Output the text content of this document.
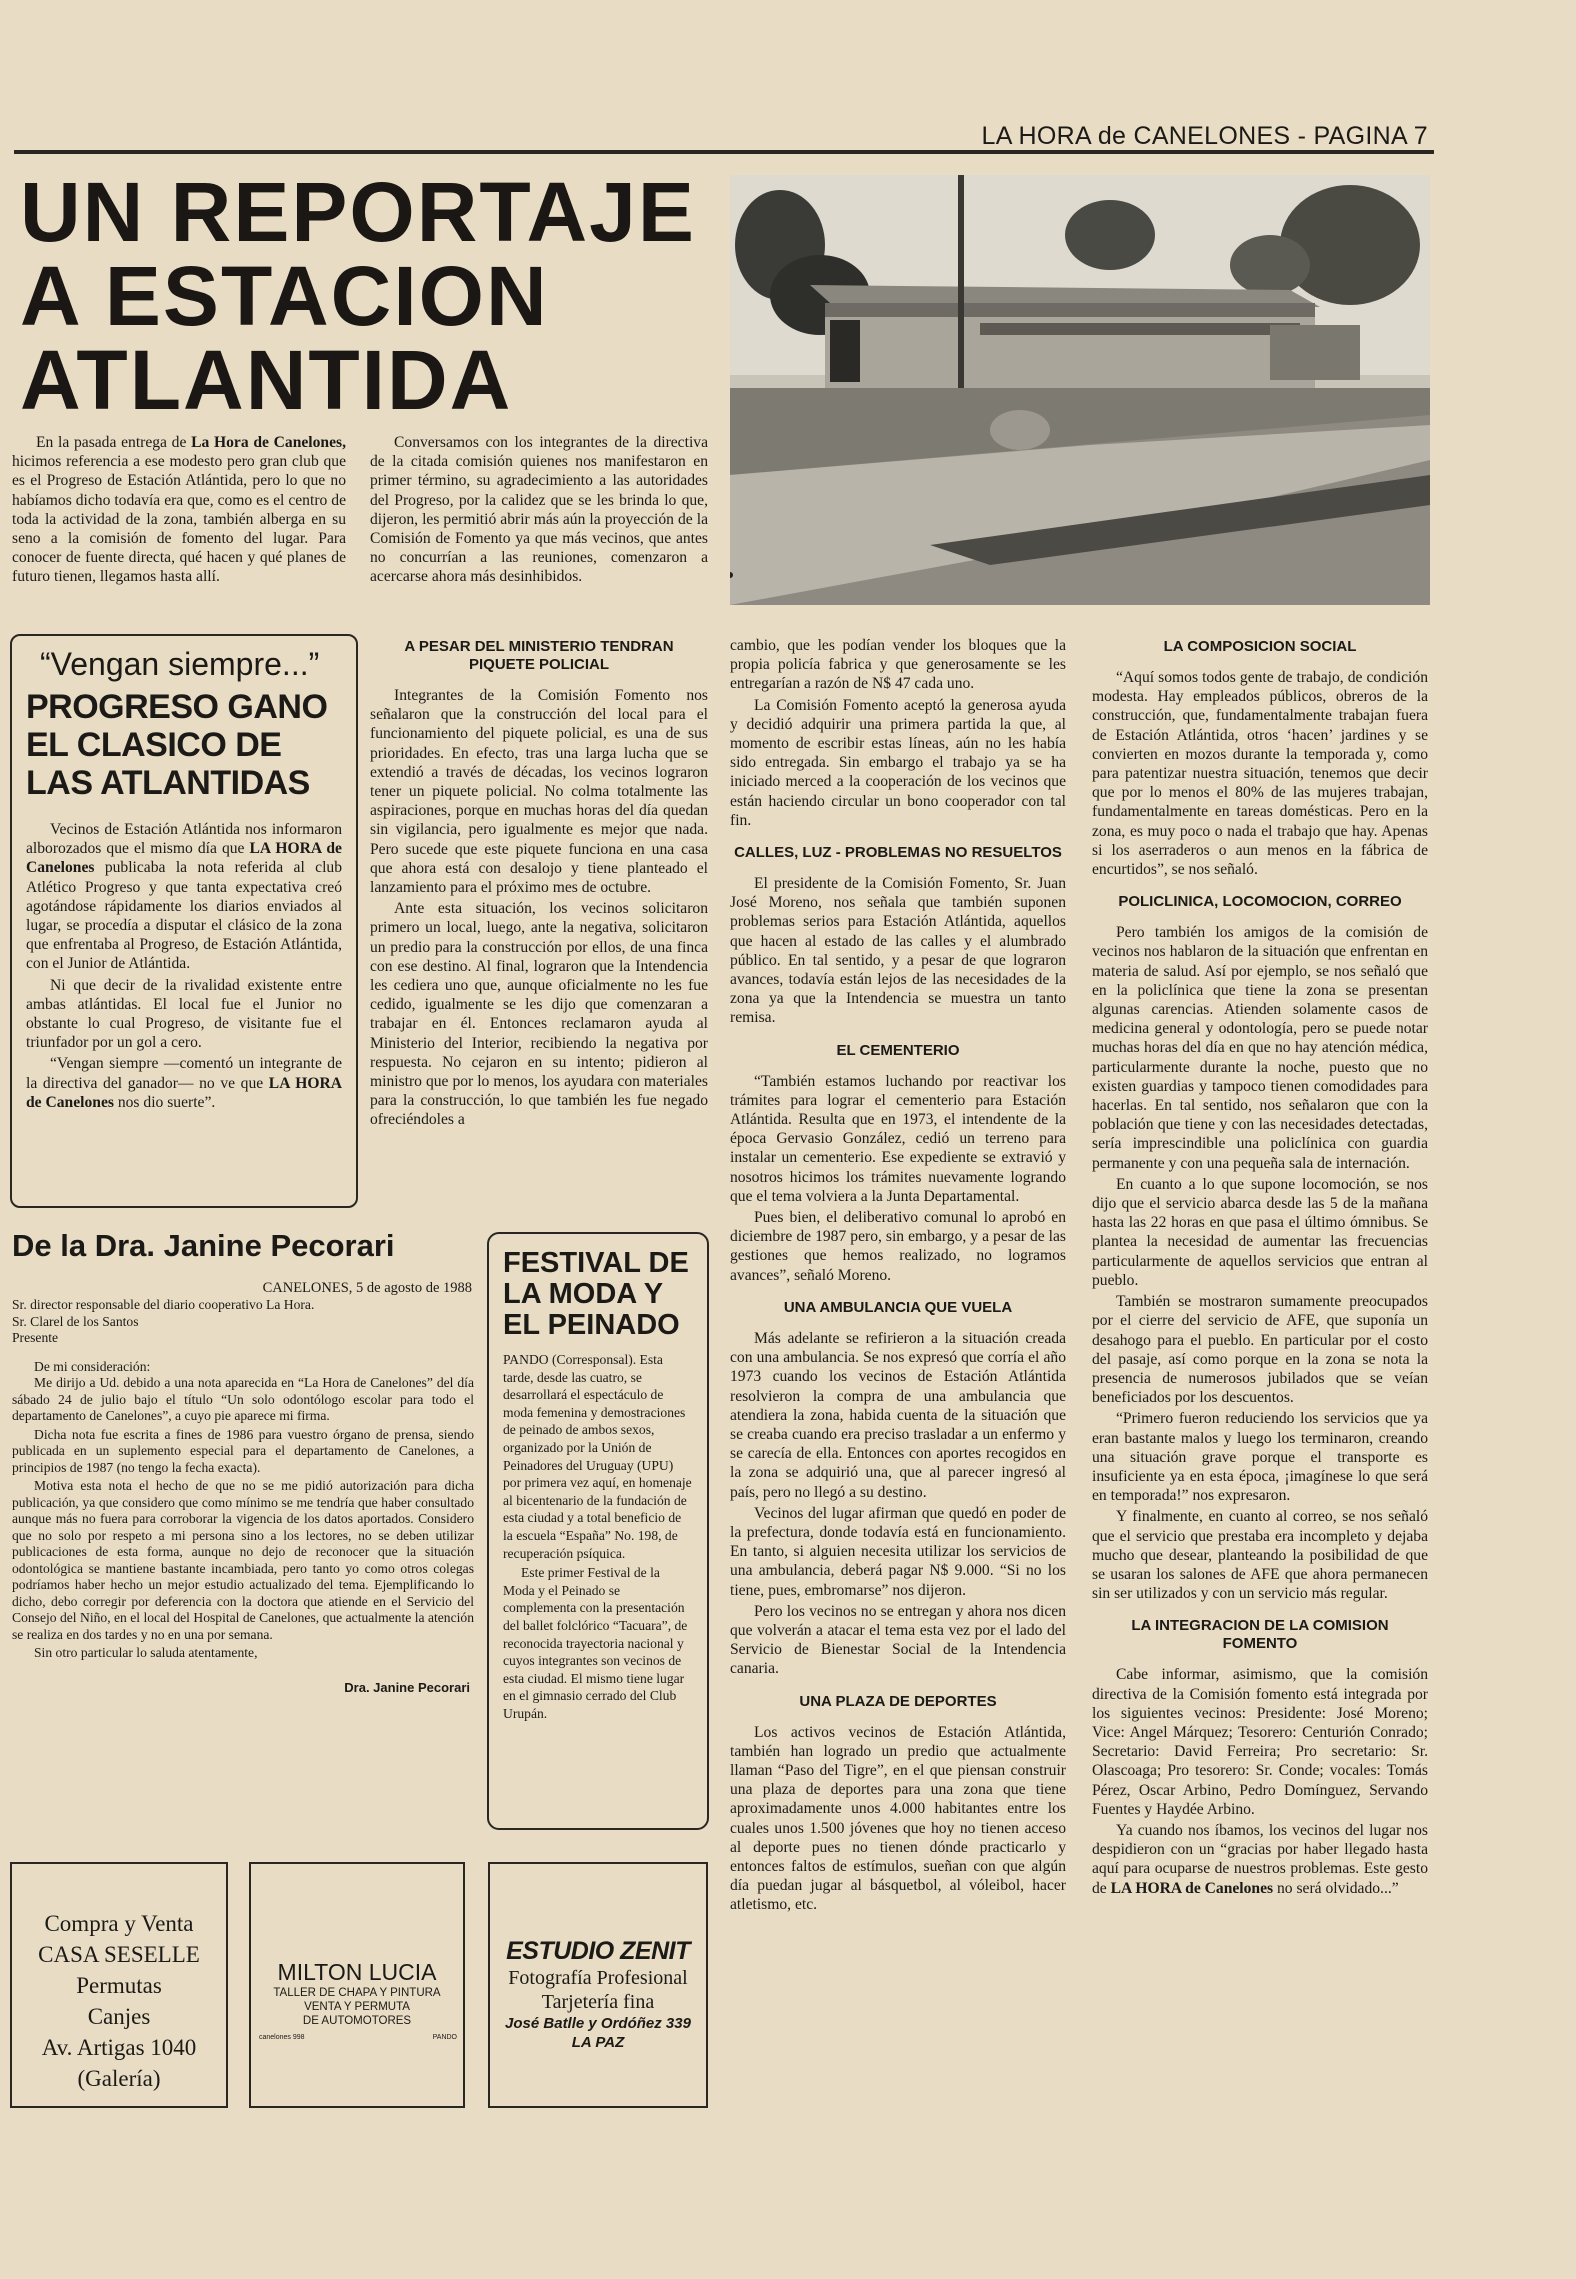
LA HORA de CANELONES - PAGINA 7
UN REPORTAJE
A ESTACION
ATLANTIDA

En la pasada entrega de La Hora de Canelones, hicimos referencia a ese modesto pero gran club que es el Progreso de Estación Atlántida, pero lo que no habíamos dicho todavía era que, como es el centro de toda la actividad de la zona, también alberga en su seno a la comisión de fomento del lugar. Para conocer de fuente directa, qué hacen y qué planes de futuro tienen, llegamos hasta allí.

Conversamos con los integrantes de la directiva de la citada comisión quienes nos manifestaron en primer término, su agradecimiento a las autoridades del Progreso, por la calidez que se les brinda lo que, dijeron, les permitió abrir más aún la proyección de la Comisión de Fomento ya que más vecinos, que antes no concurrían a las reuniones, comenzaron a acercarse ahora más desinhibidos.

“Vengan siempre...”
PROGRESO GANO
EL CLASICO DE
LAS ATLANTIDAS

Vecinos de Estación Atlántida nos informaron alborozados que el mismo día que LA HORA de Canelones publicaba la nota referida al club Atlético Progreso y que tanta expectativa creó agotándose rápidamente los diarios enviados al lugar, se procedía a disputar el clásico de la zona que enfrentaba al Progreso, de Estación Atlántida, con el Junior de Atlántida.

Ni que decir de la rivalidad existente entre ambas atlántidas. El local fue el Junior no obstante lo cual Progreso, de visitante fue el triunfador por un gol a cero.

“Vengan siempre —comentó un integrante de la directiva del ganador— no ve que LA HORA de Canelones nos dio suerte”.

A PESAR DEL MINISTERIO TENDRAN PIQUETE POLICIAL

Integrantes de la Comisión Fomento nos señalaron que la construcción del local para el funcionamiento del piquete policial, es una de sus prioridades. En efecto, tras una larga lucha que se extendió a través de décadas, los vecinos lograron tener un piquete policial. No colma totalmente las aspiraciones, porque en muchas horas del día quedan sin vigilancia, pero igualmente es mejor que nada. Pero sucede que este piquete funciona en una casa que ahora está con desalojo y tiene planteado el lanzamiento para el próximo mes de octubre.

Ante esta situación, los vecinos solicitaron primero un local, luego, ante la negativa, solicitaron un predio para la construcción por ellos, de una finca con ese destino. Al final, lograron que la Intendencia les cediera uno que, aunque oficialmente no les fue cedido, igualmente se les dijo que comenzaran a trabajar en él. Entonces reclamaron ayuda al Ministerio del Interior, recibiendo la negativa por respuesta. No cejaron en su intento; pidieron al ministro que por lo menos, los ayudara con materiales para la construcción, lo que también les fue negado ofreciéndoles a

cambio, que les podían vender los bloques que la propia policía fabrica y que generosamente se les entregarían a razón de N$ 47 cada uno.

La Comisión Fomento aceptó la generosa ayuda y decidió adquirir una primera partida la que, al momento de escribir estas líneas, aún no les había sido entregada. Sin embargo el trabajo ya se ha iniciado merced a la cooperación de los vecinos que están haciendo circular un bono cooperador con tal fin.

CALLES, LUZ - PROBLEMAS NO RESUELTOS

El presidente de la Comisión Fomento, Sr. Juan José Moreno, nos señala que también suponen problemas serios para Estación Atlántida, aquellos que hacen al estado de las calles y el alumbrado público. En tal sentido, y a pesar de que lograron avances, todavía están lejos de las necesidades de la zona ya que la Intendencia se muestra un tanto remisa.

EL CEMENTERIO

“También estamos luchando por reactivar los trámites para lograr el cementerio para Estación Atlántida. Resulta que en 1973, el intendente de la época Gervasio González, cedió un terreno para instalar un cementerio. Ese expediente se extravió y nosotros hicimos los trámites nuevamente logrando que el tema volviera a la Junta Departamental.

Pues bien, el deliberativo comunal lo aprobó en diciembre de 1987 pero, sin embargo, y a pesar de las gestiones que hemos realizado, no logramos avances”, señaló Moreno.

UNA AMBULANCIA QUE VUELA

Más adelante se refirieron a la situación creada con una ambulancia. Se nos expresó que corría el año 1973 cuando los vecinos de Estación Atlántida resolvieron la compra de una ambulancia que atendiera la zona, habida cuenta de la situación que se creaba cuando era preciso trasladar a un enfermo y se carecía de ella. Entonces con aportes recogidos en la zona se adquirió una, que al parecer ingresó al país, pero no llegó a su destino.

Vecinos del lugar afirman que quedó en poder de la prefectura, donde todavía está en funcionamiento. En tanto, si alguien necesita utilizar los servicios de una ambulancia, deberá pagar N$ 9.000. “Si no los tiene, pues, embromarse” nos dijeron.

Pero los vecinos no se entregan y ahora nos dicen que volverán a atacar el tema esta vez por el lado del Servicio de Bienestar Social de la Intendencia canaria.

UNA PLAZA DE DEPORTES

Los activos vecinos de Estación Atlántida, también han logrado un predio que actualmente llaman “Paso del Tigre”, en el que piensan construir una plaza de deportes para una zona que tiene aproximadamente unos 4.000 habitantes entre los cuales unos 1.500 jóvenes que hoy no tienen acceso al deporte pues no tienen dónde practicarlo y entonces faltos de estímulos, sueñan con que algún día puedan jugar al básquetbol, al vóleibol, hacer atletismo, etc.

LA COMPOSICION SOCIAL

“Aquí somos todos gente de trabajo, de condición modesta. Hay empleados públicos, obreros de la construcción, que, fundamentalmente trabajan fuera de Estación Atlántida, otros ‘hacen’ jardines y se convierten en mozos durante la temporada y, como para patentizar nuestra situación, tenemos que decir que por lo menos el 80% de las mujeres trabajan, fundamentalmente en tareas domésticas. Pero en la zona, es muy poco o nada el trabajo que hay. Apenas si los aserraderos o aun menos en la fábrica de encurtidos”, se nos señaló.

POLICLINICA, LOCOMOCION, CORREO

Pero también los amigos de la comisión de vecinos nos hablaron de la situación que enfrentan en materia de salud. Así por ejemplo, se nos señaló que en la policlínica que tiene la zona se presentan algunas carencias. Atienden solamente casos de medicina general y odontología, pero se puede notar muchas horas del día en que no hay atención médica, particularmente durante la noche, puesto que no existen guardias y tampoco tienen comodidades para hacerlas. En tal sentido, nos señalaron que con la población que tiene y con las necesidades detectadas, sería imprescindible una policlínica con guardia permanente y con una pequeña sala de internación.

En cuanto a lo que supone locomoción, se nos dijo que el servicio abarca desde las 5 de la mañana hasta las 22 horas en que pasa el último ómnibus. Se plantea la necesidad de aumentar las frecuencias particularmente de aquellos servicios que entran al pueblo.

También se mostraron sumamente preocupados por el cierre del servicio de AFE, que suponía un desahogo para el pueblo. En particular por el costo del pasaje, así como porque en la zona se nota la presencia de numerosos jubilados que se veían beneficiados por los descuentos.

“Primero fueron reduciendo los servicios que ya eran bastante malos y luego los terminaron, creando una situación grave porque el transporte es insuficiente ya en esta época, ¡imagínese lo que será en temporada!” nos expresaron.

Y finalmente, en cuanto al correo, se nos señaló que el servicio que prestaba era incompleto y dejaba mucho que desear, planteando la posibilidad de que se usaran los salones de AFE que ahora permanecen sin ser utilizados y con un servicio más regular.

LA INTEGRACION DE LA COMISION FOMENTO

Cabe informar, asimismo, que la comisión directiva de la Comisión fomento está integrada por los siguientes vecinos: Presidente: José Moreno; Vice: Angel Márquez; Tesorero: Centurión Conrado; Secretario: David Ferreira; Pro secretario: Sr. Olascoaga; Pro tesorero: Sr. Conde; vocales: Tomás Pérez, Oscar Arbino, Pedro Domínguez, Servando Fuentes y Haydée Arbino.

Ya cuando nos íbamos, los vecinos del lugar nos despidieron con un “gracias por haber llegado hasta aquí para ocuparse de nuestros problemas. Este gesto de LA HORA de Canelones no será olvidado...”

De la Dra. Janine Pecorari
CANELONES, 5 de agosto de 1988
Sr. director responsable del diario cooperativo La Hora.
Sr. Clarel de los Santos
Presente
De mi consideración:

Me dirijo a Ud. debido a una nota aparecida en “La Hora de Canelones” del día sábado 24 de julio bajo el título “Un solo odontólogo escolar para todo el departamento de Canelones”, a cuyo pie aparece mi firma.

Dicha nota fue escrita a fines de 1986 para vuestro órgano de prensa, siendo publicada en un suplemento especial para el departamento de Canelones, a principios de 1987 (no tengo la fecha exacta).

Motiva esta nota el hecho de que no se me pidió autorización para dicha publicación, ya que considero que como mínimo se me tendría que haber consultado aunque más no fuera para corroborar la vigencia de los datos aportados. Considero que no solo por respeto a mi persona sino a los lectores, no se deben utilizar publicaciones de esta forma, aunque no dejo de reconocer que la situación odontológica se mantiene bastante incambiada, pero tanto yo como otros colegas podríamos haber hecho un mejor estudio actualizado del tema. Ejemplificando lo dicho, debo corregir por deferencia con la doctora que atiende en el Servicio del Consejo del Niño, en el local del Hospital de Canelones, que actualmente la atención se realiza en dos tardes y no en una por semana.

Sin otro particular lo saluda atentamente,

Dra. Janine Pecorari
FESTIVAL DE
LA MODA Y
EL PEINADO

PANDO (Corresponsal). Esta tarde, desde las cuatro, se desarrollará el espectáculo de moda femenina y demostraciones de peinado de ambos sexos, organizado por la Unión de Peinadores del Uruguay (UPU) por primera vez aquí, en homenaje al bicentenario de la fundación de esta ciudad y a total beneficio de la escuela “España” No. 198, de recuperación psíquica.

Este primer Festival de la Moda y el Peinado se complementa con la presentación del ballet folclórico “Tacuara”, de reconocida trayectoria nacional y cuyos integrantes son vecinos de esta ciudad. El mismo tiene lugar en el gimnasio cerrado del Club Urupán.

Compra y Venta
CASA SESELLE
Permutas
Canjes
Av. Artigas 1040
(Galería)
MILTON LUCIA
TALLER DE CHAPA Y PINTURA
VENTA Y PERMUTA
DE AUTOMOTORES
canelones 998	PANDO
ESTUDIO ZENIT
Fotografía Profesional
Tarjetería fina
José Batlle y Ordóñez 339
LA PAZ
